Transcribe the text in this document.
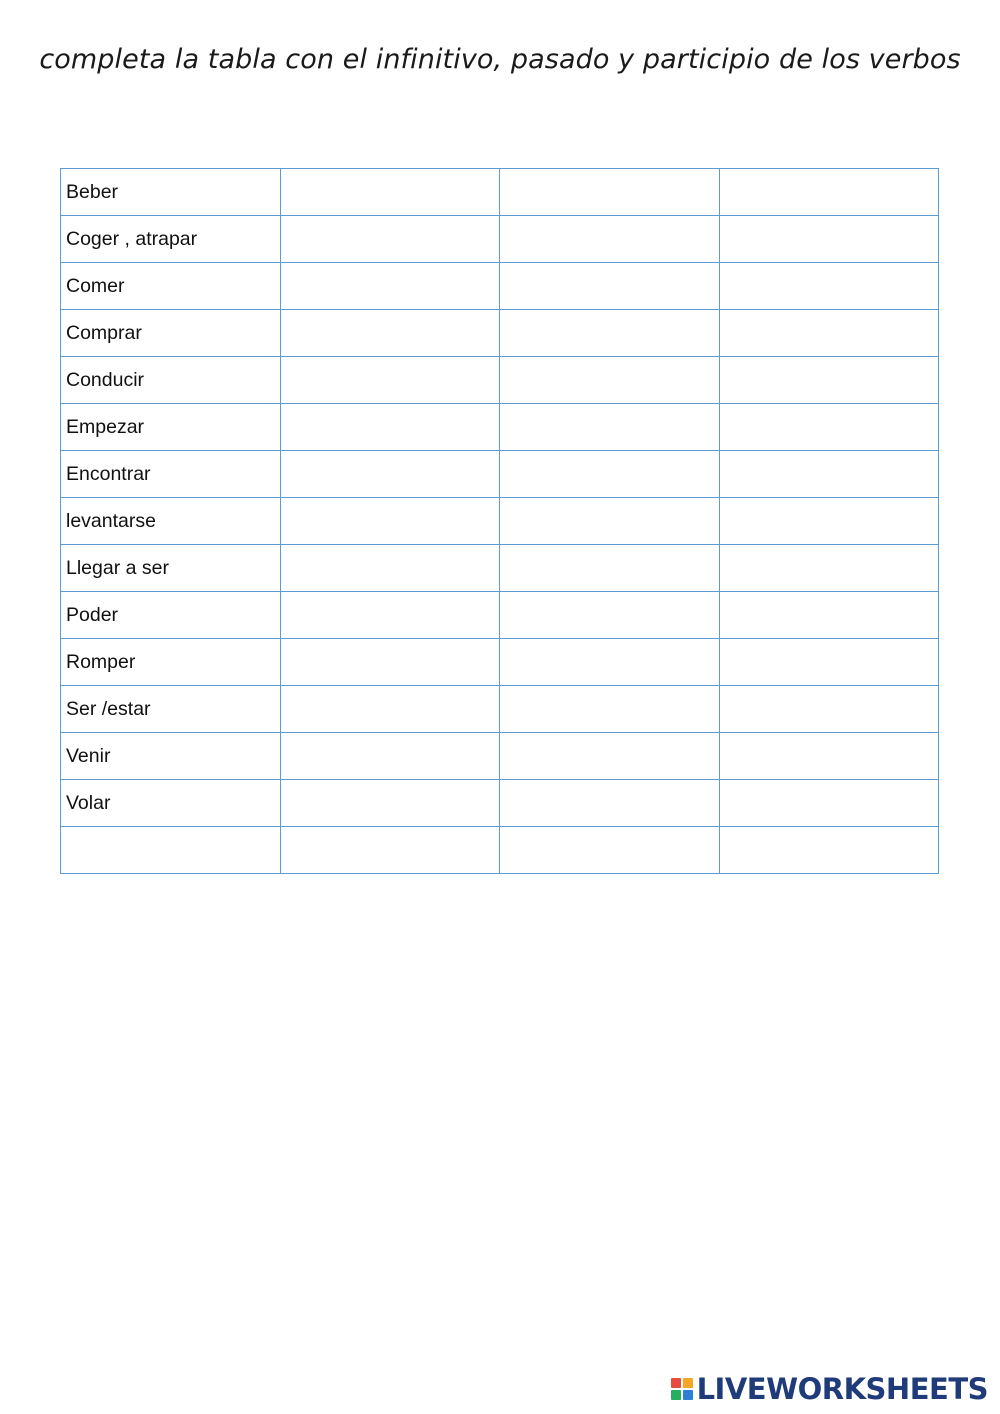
completa la tabla con el infinitivo, pasado y participio de los verbos
Beber			
Coger , atrapar			
Comer			
Comprar			
Conducir			
Empezar			
Encontrar			
levantarse			
Llegar a ser			
Poder			
Romper			
Ser /estar			
Venir			
Volar			

LIVEWORKSHEETS
